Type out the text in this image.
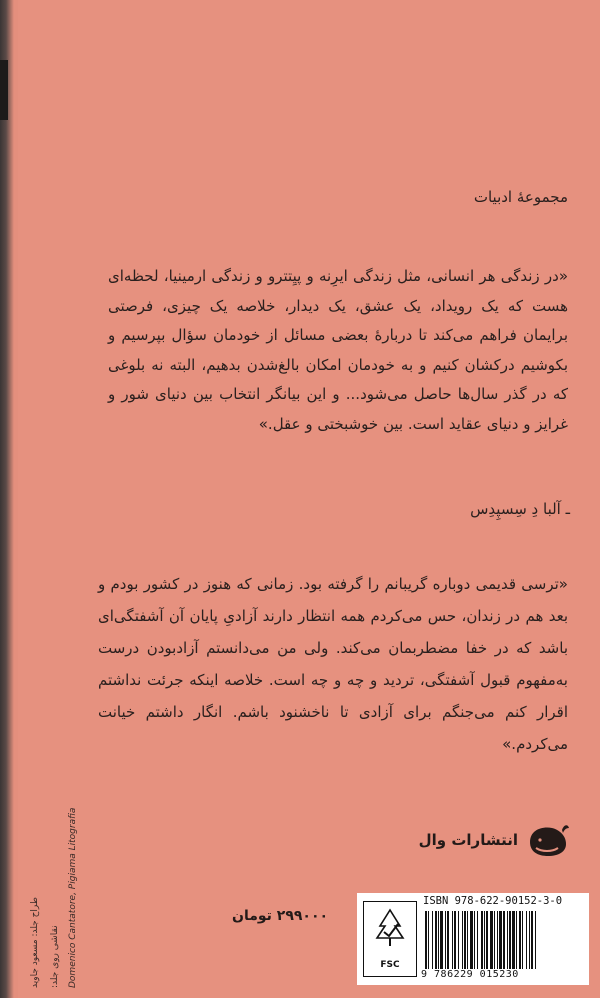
مجموعهٔ ادبیات
«در زندگی هر انسانی، مثل زندگی ایرِنه و پیِتترو و زندگی ارمینیا، لحظه‌ای هست که یک رویداد، یک عشق، یک دیدار، خلاصه یک چیزی، فرصتی برایمان فراهم می‌کند تا دربارهٔ بعضی مسائل از خودمان سؤال بپرسیم و بکوشیم درکشان کنیم و به خودمان امکان بالغ‌شدن بدهیم، البته نه بلوغی که در گذر سال‌ها حاصل می‌شود... و این بیانگر انتخاب بین دنیای شور و غرایز و دنیای عقاید است. بین خوشبختی و عقل.»
ـ آلبا دِ سِسپِدِس
«ترسی قدیمی دوباره گریبانم را گرفته بود. زمانی که هنوز در کشور بودم و بعد هم در زندان، حس می‌کردم همه انتظار دارند آزادیِ پایان آن آشفتگی‌ای باشد که در خفا مضطربمان می‌کند. ولی من می‌دانستم آزادبودن درست به‌مفهوم قبول آشفتگی، تردید و چه و چه است. خلاصه اینکه جرئت نداشتم اقرار کنم می‌جنگم برای آزادی تا ناخشنود باشم. انگار داشتم خیانت می‌کردم.»
انتشارات وال
طراح جلد: مسعود جاوید نقاشی روی جلد: Domenico Cantatore, Pigiama Litografia	۲۹۹۰۰۰ تومان
FSC
ISBN 978-622-90152-3-0
9 786229 015230
